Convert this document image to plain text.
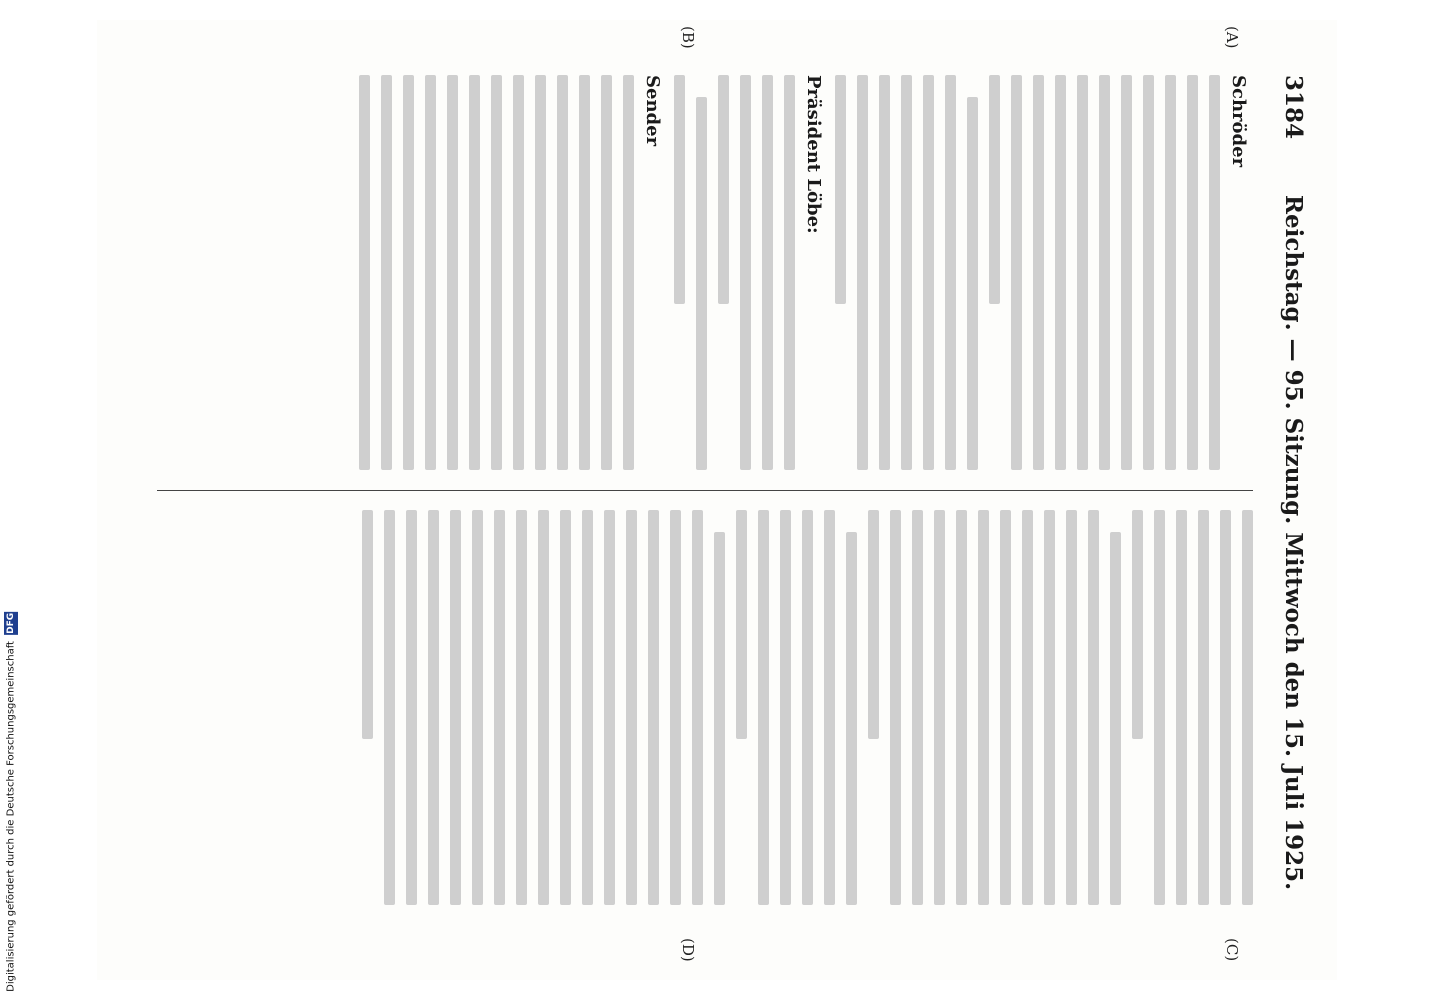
3184
Reichstag. — 95. Sitzung. Mittwoch den 15. Juli 1925.
(A)
(B)
(C)
(D)
Schröder
Präsident Löbe:
Sender
Digitalisierung gefördert durch die Deutsche Forschungsgemeinschaft
DFG
